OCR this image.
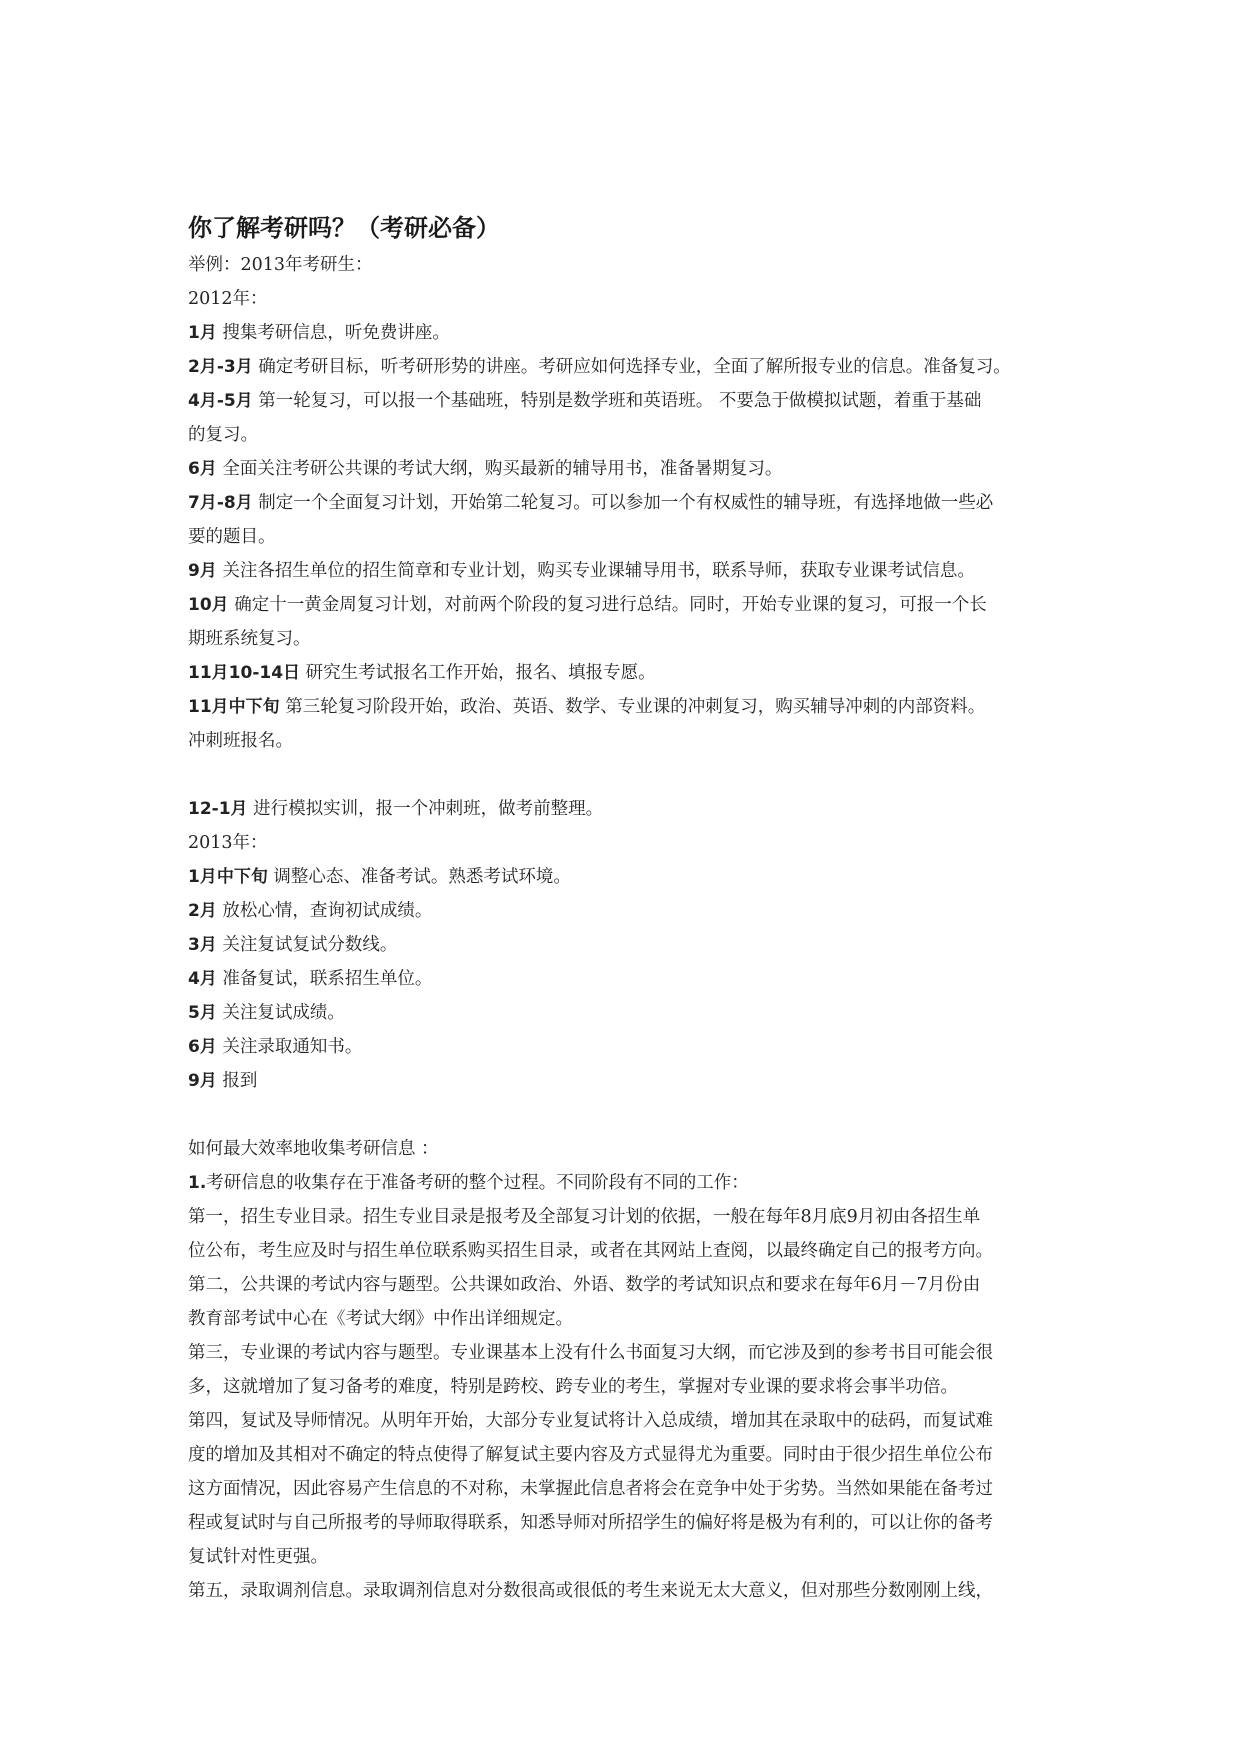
你了解考研吗？（考研必备）
举例：2013年考研生：
2012年：
1月 搜集考研信息，听免费讲座。
2月-3月 确定考研目标，听考研形势的讲座。考研应如何选择专业，全面了解所报专业的信息。准备复习。
4月-5月 第一轮复习，可以报一个基础班，特别是数学班和英语班。 不要急于做模拟试题，着重于基础
的复习。
6月 全面关注考研公共课的考试大纲，购买最新的辅导用书，准备暑期复习。
7月-8月 制定一个全面复习计划，开始第二轮复习。可以参加一个有权威性的辅导班，有选择地做一些必
要的题目。
9月 关注各招生单位的招生简章和专业计划，购买专业课辅导用书，联系导师，获取专业课考试信息。
10月 确定十一黄金周复习计划，对前两个阶段的复习进行总结。同时，开始专业课的复习，可报一个长
期班系统复习。
11月10-14日 研究生考试报名工作开始，报名、填报专愿。
11月中下旬 第三轮复习阶段开始，政治、英语、数学、专业课的冲刺复习，购买辅导冲刺的内部资料。
冲刺班报名。
12-1月 进行模拟实训，报一个冲刺班，做考前整理。
2013年：
1月中下旬 调整心态、准备考试。熟悉考试环境。
2月 放松心情，查询初试成绩。
3月 关注复试复试分数线。
4月 准备复试，联系招生单位。
5月 关注复试成绩。
6月 关注录取通知书。
9月 报到
如何最大效率地收集考研信息 ：
1.考研信息的收集存在于准备考研的整个过程。不同阶段有不同的工作：
第一，招生专业目录。招生专业目录是报考及全部复习计划的依据，一般在每年8月底9月初由各招生单
位公布，考生应及时与招生单位联系购买招生目录，或者在其网站上查阅，以最终确定自己的报考方向。
第二，公共课的考试内容与题型。公共课如政治、外语、数学的考试知识点和要求在每年6月－7月份由
教育部考试中心在《考试大纲》中作出详细规定。
第三，专业课的考试内容与题型。专业课基本上没有什么书面复习大纲，而它涉及到的参考书目可能会很
多，这就增加了复习备考的难度，特别是跨校、跨专业的考生，掌握对专业课的要求将会事半功倍。
第四，复试及导师情况。从明年开始，大部分专业复试将计入总成绩，增加其在录取中的砝码，而复试难
度的增加及其相对不确定的特点使得了解复试主要内容及方式显得尤为重要。同时由于很少招生单位公布
这方面情况，因此容易产生信息的不对称，未掌握此信息者将会在竞争中处于劣势。当然如果能在备考过
程或复试时与自己所报考的导师取得联系，知悉导师对所招学生的偏好将是极为有利的，可以让你的备考
复试针对性更强。
第五，录取调剂信息。录取调剂信息对分数很高或很低的考生来说无太大意义，但对那些分数刚刚上线，
